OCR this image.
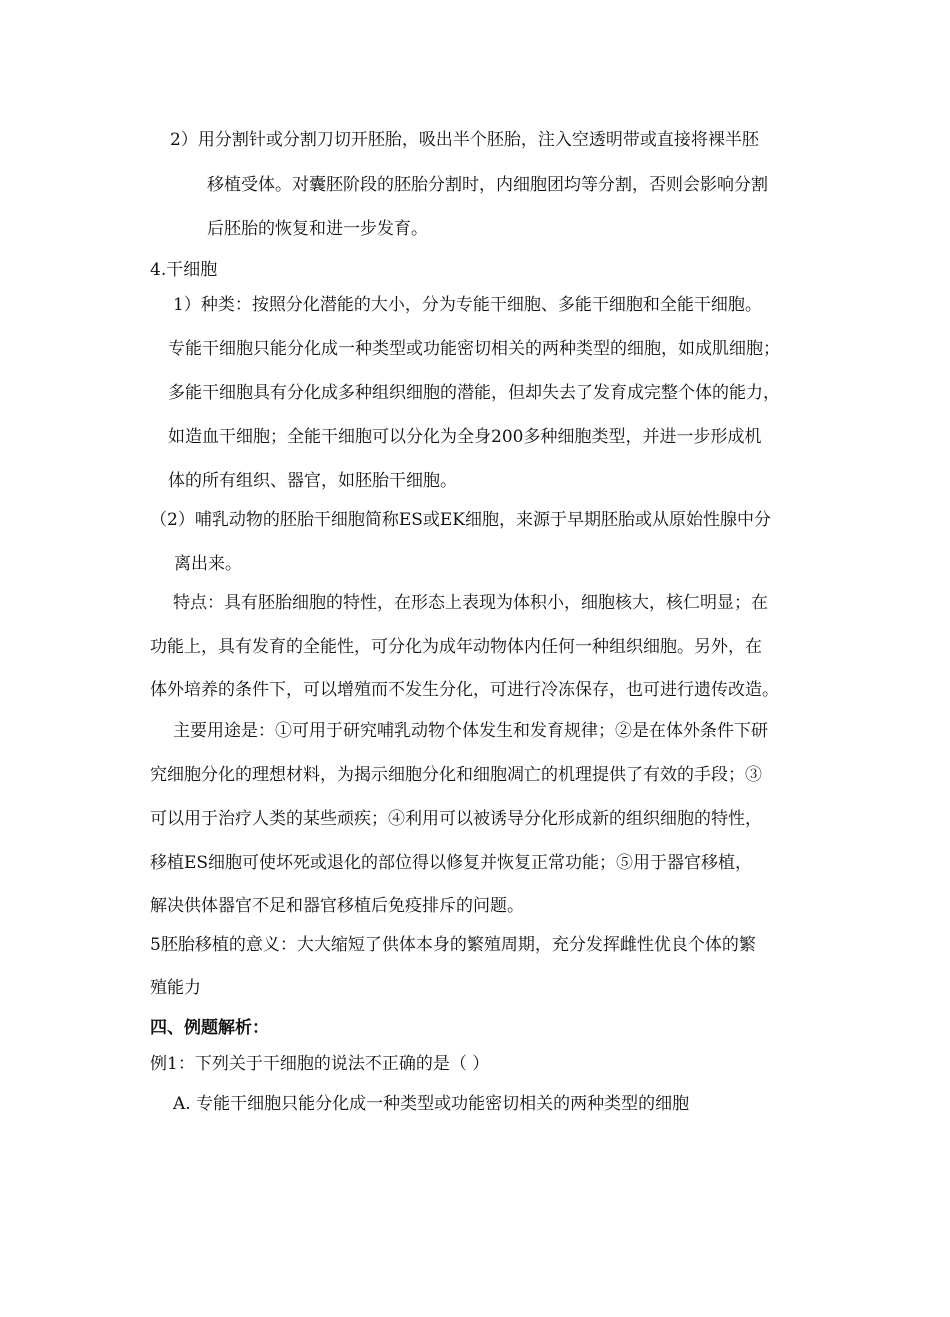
2）用分割针或分割刀切开胚胎，吸出半个胚胎，注入空透明带或直接将裸半胚
移植受体。对囊胚阶段的胚胎分割时，内细胞团均等分割，否则会影响分割
后胚胎的恢复和进一步发育。
4.干细胞
1）种类：按照分化潜能的大小，分为专能干细胞、多能干细胞和全能干细胞。
专能干细胞只能分化成一种类型或功能密切相关的两种类型的细胞，如成肌细胞；
多能干细胞具有分化成多种组织细胞的潜能，但却失去了发育成完整个体的能力，
如造血干细胞；全能干细胞可以分化为全身200多种细胞类型，并进一步形成机
体的所有组织、器官，如胚胎干细胞。
（2）哺乳动物的胚胎干细胞简称ES或EK细胞，来源于早期胚胎或从原始性腺中分
离出来。
特点：具有胚胎细胞的特性，在形态上表现为体积小，细胞核大，核仁明显；在
功能上，具有发育的全能性，可分化为成年动物体内任何一种组织细胞。另外，在
体外培养的条件下，可以增殖而不发生分化，可进行冷冻保存，也可进行遗传改造。
主要用途是：①可用于研究哺乳动物个体发生和发育规律；②是在体外条件下研
究细胞分化的理想材料，为揭示细胞分化和细胞凋亡的机理提供了有效的手段；③
可以用于治疗人类的某些顽疾；④利用可以被诱导分化形成新的组织细胞的特性，
移植ES细胞可使坏死或退化的部位得以修复并恢复正常功能；⑤用于器官移植，
解决供体器官不足和器官移植后免疫排斥的问题。
5胚胎移植的意义：大大缩短了供体本身的繁殖周期，充分发挥雌性优良个体的繁
殖能力
四、例题解析：
例1：下列关于干细胞的说法不正确的是（ ）
A. 专能干细胞只能分化成一种类型或功能密切相关的两种类型的细胞
